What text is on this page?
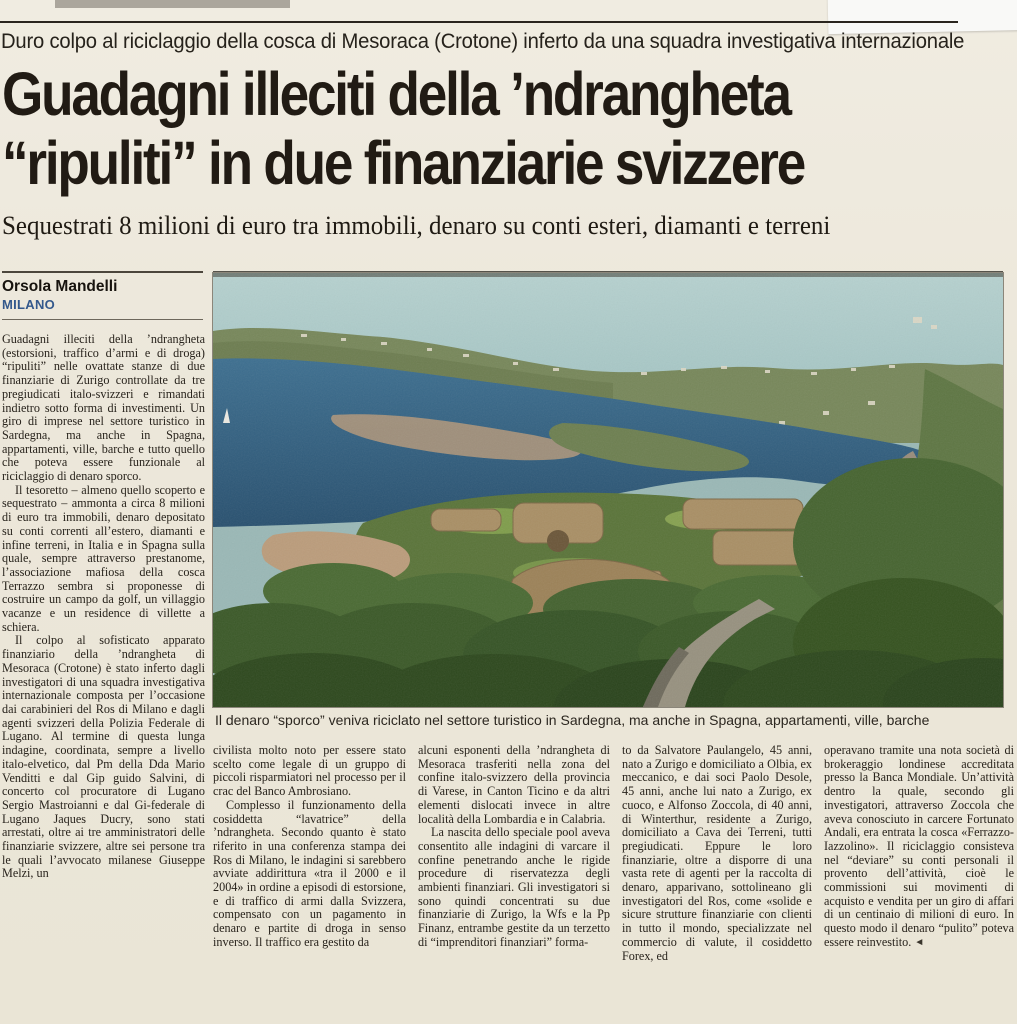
Duro colpo al riciclaggio della cosca di Mesoraca (Crotone) inferto da una squadra investigativa internazionale
Guadagni illeciti della ’ndrangheta
“ripuliti” in due finanziarie svizzere
Sequestrati 8 milioni di euro tra immobili, denaro su conti esteri, diamanti e terreni
Orsola Mandelli
MILANO

Guadagni illeciti della ’ndrangheta (estorsioni, traffico d’armi e di droga) “ripuliti” nelle ovattate stanze di due finanziarie di Zurigo controllate da tre pregiudicati italo-svizzeri e rimandati indietro sotto forma di investimenti. Un giro di imprese nel settore turistico in Sardegna, ma anche in Spagna, appartamenti, ville, barche e tutto quello che poteva essere funzionale al riciclaggio di denaro sporco.

Il tesoretto – almeno quello scoperto e sequestrato – ammonta a circa 8 milioni di euro tra immobili, denaro depositato su conti correnti all’estero, diamanti e infine terreni, in Italia e in Spagna sulla quale, sempre attraverso prestanome, l’associazione mafiosa della cosca Terrazzo sembra si proponesse di costruire un campo da golf, un villaggio vacanze e un residence di villette a schiera.

Il colpo al sofisticato apparato finanziario della ’ndrangheta di Mesoraca (Crotone) è stato inferto dagli investigatori di una squadra investigativa internazionale composta per l’occasione dai carabinieri del Ros di Milano e dagli agenti svizzeri della Polizia Federale di Lugano. Al termine di questa lunga indagine, coordinata, sempre a livello italo-elvetico, dal Pm della Dda Mario Venditti e dal Gip guido Salvini, di concerto col procuratore di Lugano Sergio Mastroianni e dal Gi-federale di Lugano Jaques Ducry, sono stati arrestati, oltre ai tre amministratori delle finanziarie svizzere, altre sei persone tra le quali l’avvocato milanese Giuseppe Melzi, un

Il denaro “sporco” veniva riciclato nel settore turistico in Sardegna, ma anche in Spagna, appartamenti, ville, barche

civilista molto noto per essere stato scelto come legale di un gruppo di piccoli risparmiatori nel processo per il crac del Banco Ambrosiano.

Complesso il funzionamento della cosiddetta “lavatrice” della ’ndrangheta. Secondo quanto è stato riferito in una conferenza stampa dei Ros di Milano, le indagini si sarebbero avviate addirittura «tra il 2000 e il 2004» in ordine a episodi di estorsione, e di traffico di armi dalla Svizzera, compensato con un pagamento in denaro e partite di droga in senso inverso. Il traffico era gestito da

alcuni esponenti della ’ndrangheta di Mesoraca trasferiti nella zona del confine italo-svizzero della provincia di Varese, in Canton Ticino e da altri elementi dislocati invece in altre località della Lombardia e in Calabria.

La nascita dello speciale pool aveva consentito alle indagini di varcare il confine penetrando anche le rigide procedure di riservatezza degli ambienti finanziari. Gli investigatori si sono quindi concentrati su due finanziarie di Zurigo, la Wfs e la Pp Finanz, entrambe gestite da un terzetto di “imprenditori finanziari” forma-

to da Salvatore Paulangelo, 45 anni, nato a Zurigo e domiciliato a Olbia, ex meccanico, e dai soci Paolo Desole, 45 anni, anche lui nato a Zurigo, ex cuoco, e Alfonso Zoccola, di 40 anni, di Winterthur, residente a Zurigo, domiciliato a Cava dei Terreni, tutti pregiudicati. Eppure le loro finanziarie, oltre a disporre di una vasta rete di agenti per la raccolta di denaro, apparivano, sottolineano gli investigatori del Ros, come «solide e sicure strutture finanziarie con clienti in tutto il mondo, specializzate nel commercio di valute, il cosiddetto Forex, ed

operavano tramite una nota società di brokeraggio londinese accreditata presso la Banca Mondiale. Un’attività dentro la quale, secondo gli investigatori, attraverso Zoccola che aveva conosciuto in carcere Fortunato Andali, era entrata la cosca «Ferrazzo-Iazzolino». Il riciclaggio consisteva nel “deviare” su conti personali il provento dell’attività, cioè le commissioni sui movimenti di acquisto e vendita per un giro di affari di un centinaio di milioni di euro. In questo modo il denaro “pulito” poteva essere reinvestito. ◄
